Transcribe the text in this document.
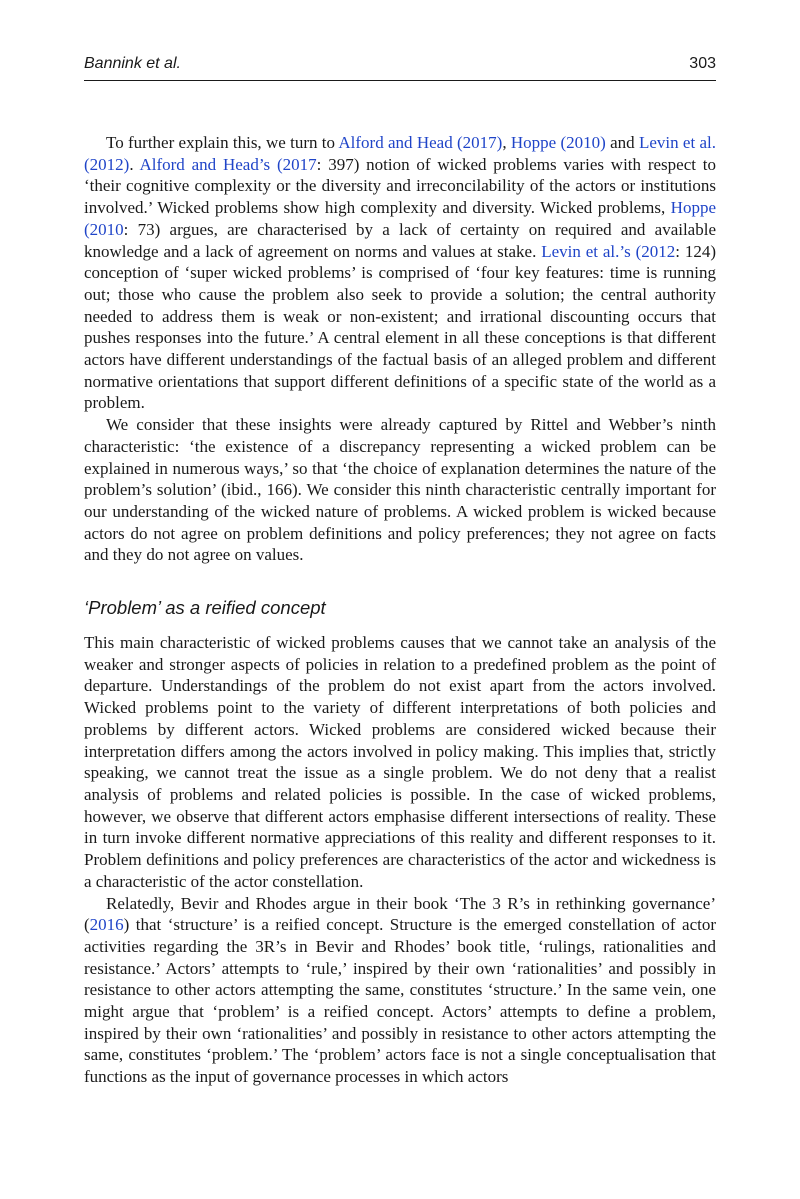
Bannink et al.	303

To further explain this, we turn to Alford and Head (2017), Hoppe (2010) and Levin et al. (2012). Alford and Head’s (2017: 397) notion of wicked problems varies with respect to ‘their cognitive complexity or the diversity and irreconcilability of the actors or institutions involved.’ Wicked problems show high complexity and diversity. Wicked problems, Hoppe (2010: 73) argues, are characterised by a lack of certainty on required and available knowledge and a lack of agreement on norms and values at stake. Levin et al.’s (2012: 124) conception of ‘super wicked problems’ is comprised of ‘four key features: time is running out; those who cause the problem also seek to provide a solution; the central authority needed to address them is weak or non-existent; and irrational discounting occurs that pushes responses into the future.’ A central element in all these conceptions is that different actors have different understandings of the factual basis of an alleged problem and different normative orientations that support different definitions of a specific state of the world as a problem.

We consider that these insights were already captured by Rittel and Webber’s ninth characteristic: ‘the existence of a discrepancy representing a wicked problem can be explained in numerous ways,’ so that ‘the choice of explanation determines the nature of the problem’s solution’ (ibid., 166). We consider this ninth characteristic centrally important for our understanding of the wicked nature of problems. A wicked problem is wicked because actors do not agree on problem definitions and policy preferences; they not agree on facts and they do not agree on values.

‘Problem’ as a reified concept

This main characteristic of wicked problems causes that we cannot take an analysis of the weaker and stronger aspects of policies in relation to a predefined problem as the point of departure. Understandings of the problem do not exist apart from the actors involved. Wicked problems point to the variety of different interpretations of both policies and problems by different actors. Wicked problems are considered wicked because their interpretation differs among the actors involved in policy making. This implies that, strictly speaking, we cannot treat the issue as a single problem. We do not deny that a realist analysis of problems and related policies is possible. In the case of wicked problems, however, we observe that different actors emphasise different intersections of reality. These in turn invoke different normative appreciations of this reality and different responses to it. Problem definitions and policy preferences are characteristics of the actor and wickedness is a characteristic of the actor constellation.

Relatedly, Bevir and Rhodes argue in their book ‘The 3 R’s in rethinking governance’ (2016) that ‘structure’ is a reified concept. Structure is the emerged constellation of actor activities regarding the 3R’s in Bevir and Rhodes’ book title, ‘rulings, rationalities and resistance.’ Actors’ attempts to ‘rule,’ inspired by their own ‘rationalities’ and possibly in resistance to other actors attempting the same, constitutes ‘structure.’ In the same vein, one might argue that ‘problem’ is a reified concept. Actors’ attempts to define a problem, inspired by their own ‘rationalities’ and possibly in resistance to other actors attempting the same, constitutes ‘problem.’ The ‘problem’ actors face is not a single conceptualisation that functions as the input of governance processes in which actors
